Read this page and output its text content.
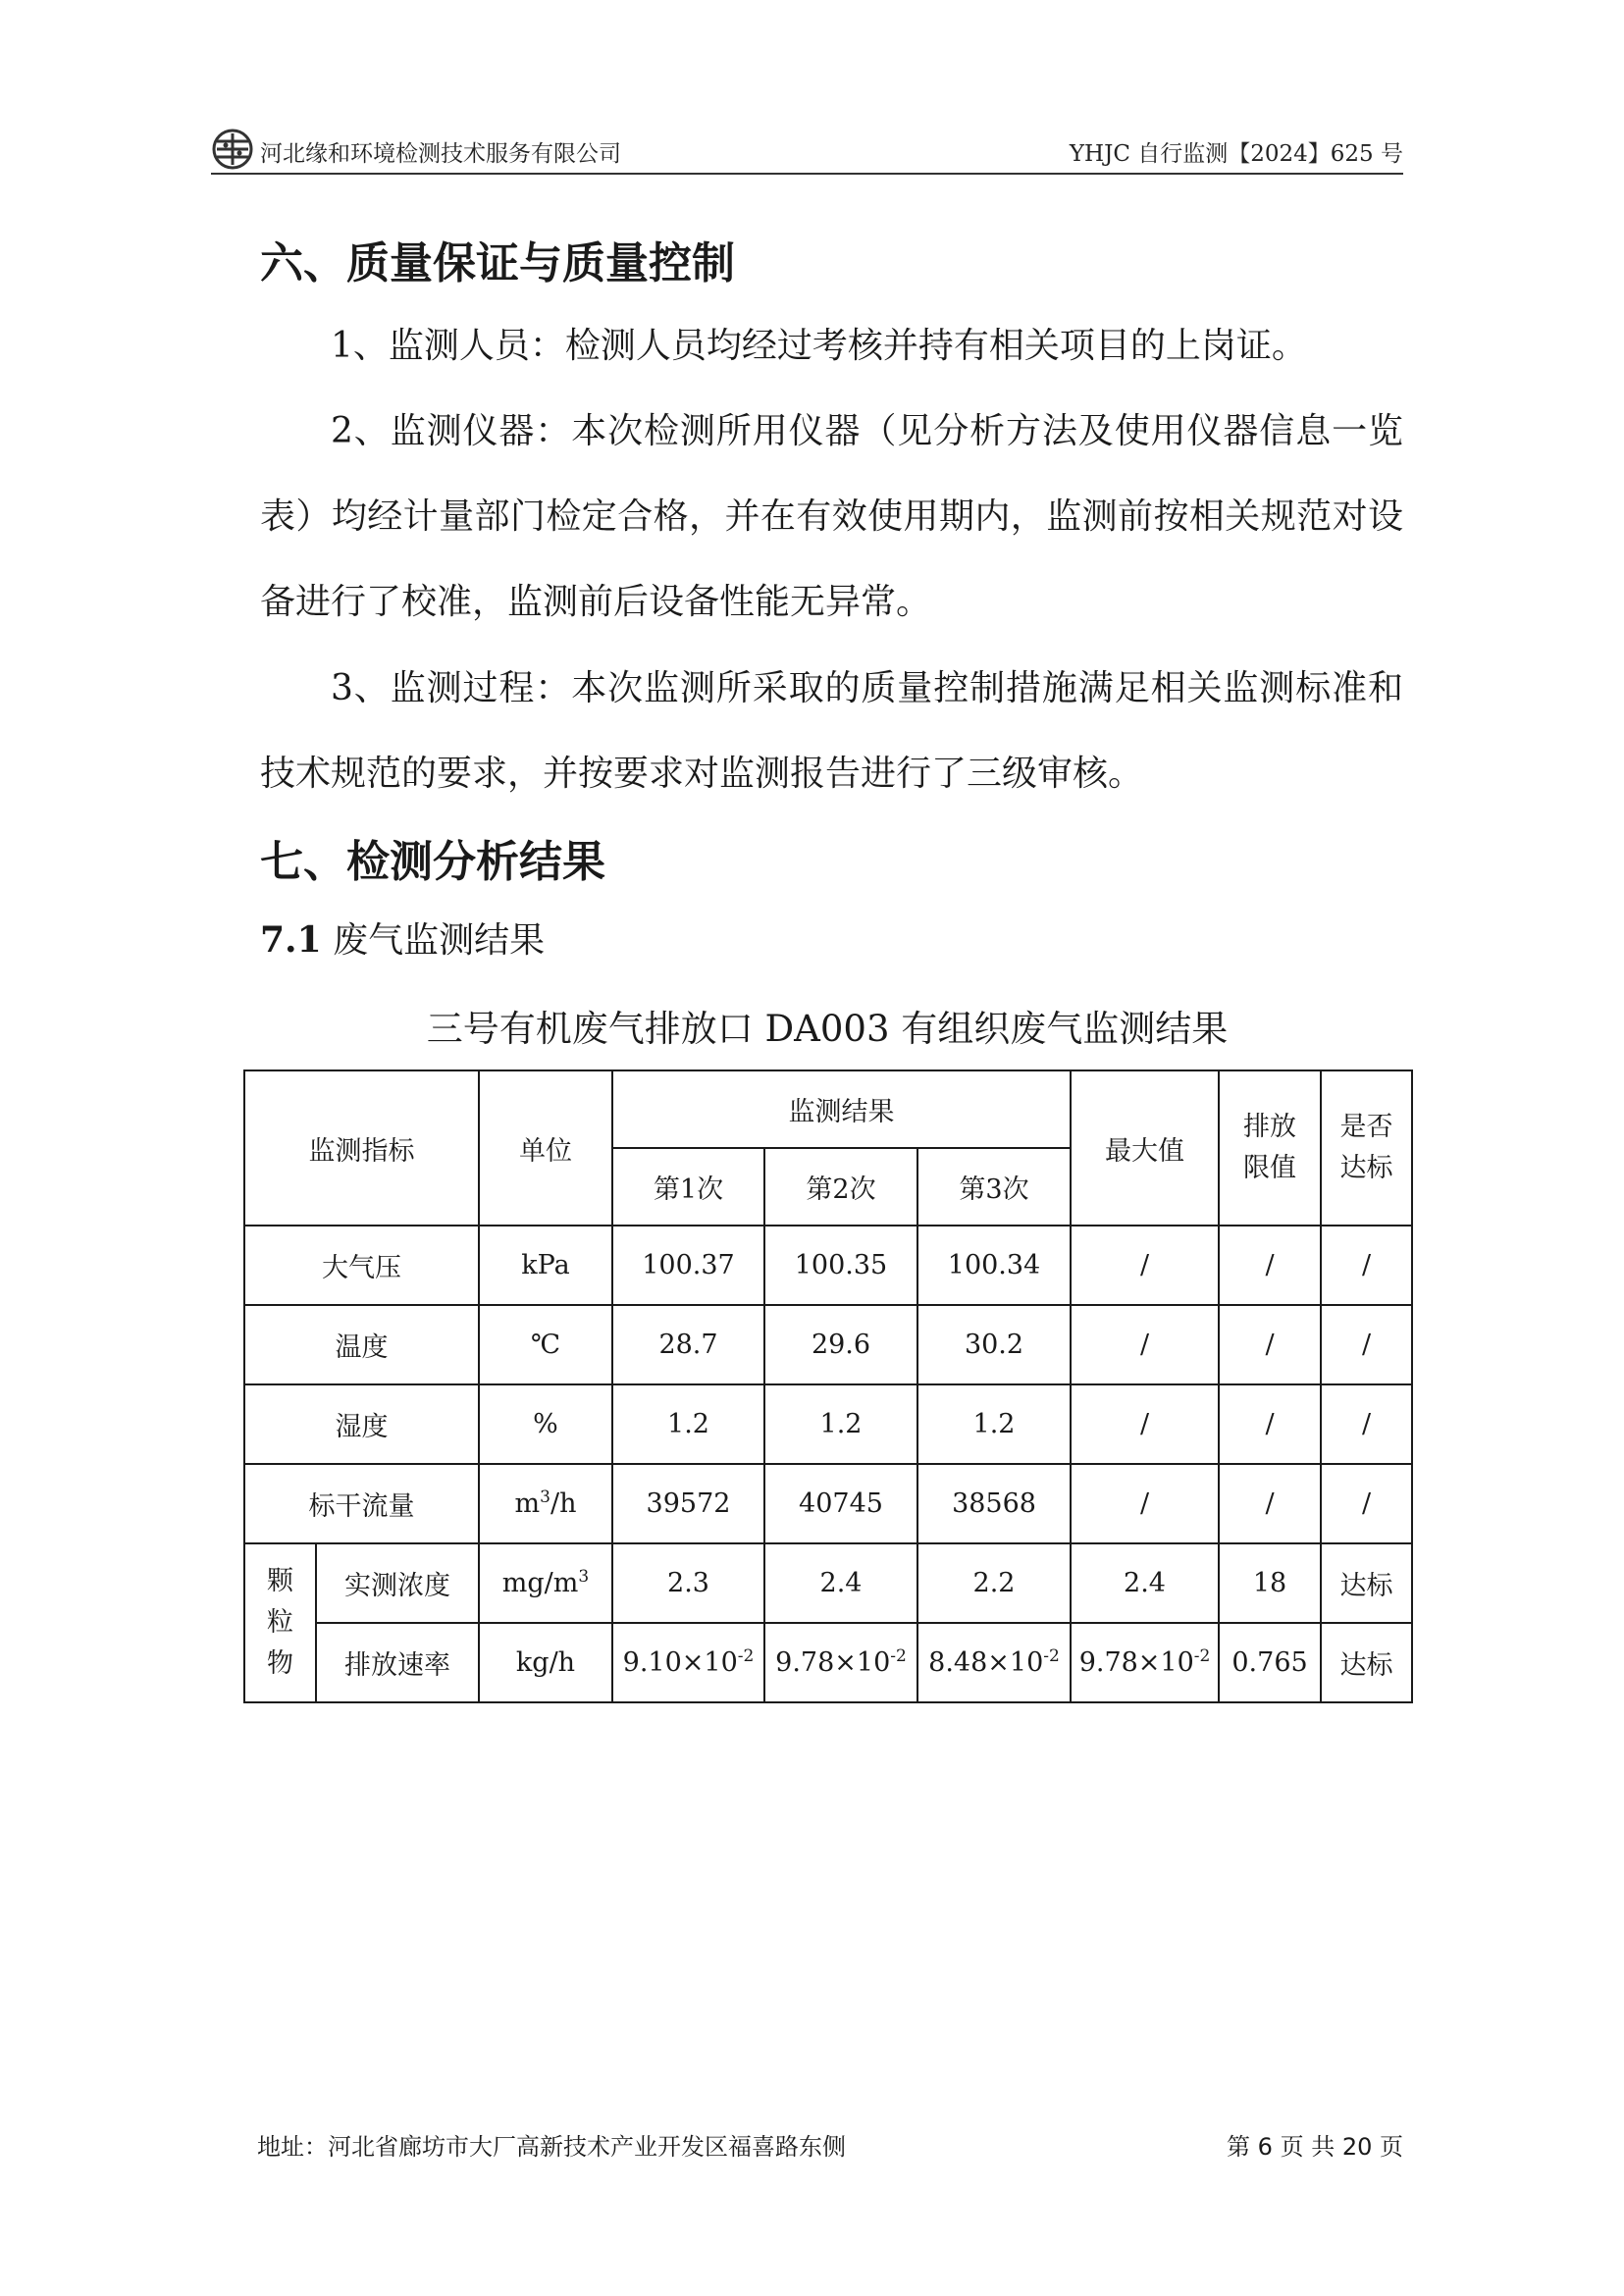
河北缘和环境检测技术服务有限公司	YHJC 自行监测【2024】625 号
六、质量保证与质量控制
1、监测人员：检测人员均经过考核并持有相关项目的上岗证。
2、监测仪器：本次检测所用仪器（见分析方法及使用仪器信息一览表）均经计量部门检定合格，并在有效使用期内，监测前按相关规范对设备进行了校准，监测前后设备性能无异常。
3、监测过程：本次监测所采取的质量控制措施满足相关监测标准和技术规范的要求，并按要求对监测报告进行了三级审核。
七、检测分析结果
7.1 废气监测结果
三号有机废气排放口 DA003 有组织废气监测结果
监测指标		单位	监测结果			最大值	排放
限值	是否
达标
			第1次	第2次	第3次			
大气压		kPa	100.37	100.35	100.34	/	/	/
温度		℃	28.7	29.6	30.2	/	/	/
湿度		%	1.2	1.2	1.2	/	/	/
标干流量		$m^3/h$	39572	40745	38568	/	/	/
颗
粒
物	实测浓度	$mg/m^3$	2.3	2.4	2.2	2.4	18	达标
	排放速率	kg/h	$9.10\times 10^{-2}$	$9.78\times 10^{-2}$	$8.48\times 10^{-2}$	$9.78\times 10^{-2}$	0.765	达标
地址：河北省廊坊市大厂高新技术产业开发区福喜路东侧	第 6 页 共 20 页
